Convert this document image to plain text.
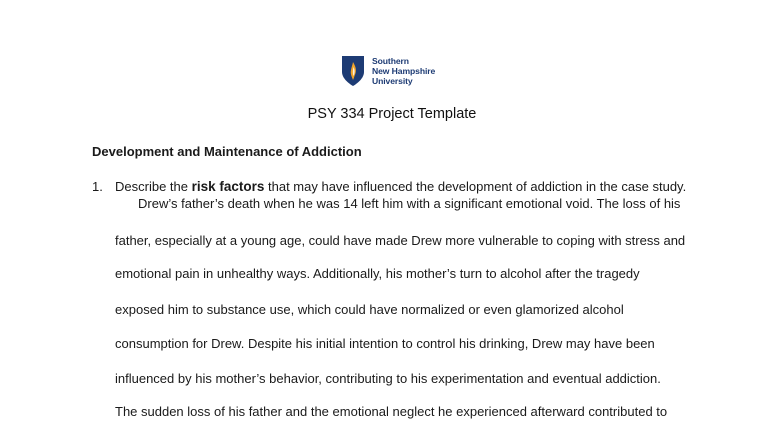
Southern
New Hampshire
University
PSY 334 Project Template
Development and Maintenance of Addiction
1. Describe the risk factors that may have influenced the development of addiction in the case study.
Drew’s father’s death when he was 14 left him with a significant emotional void. The loss of his
father, especially at a young age, could have made Drew more vulnerable to coping with stress and
emotional pain in unhealthy ways. Additionally, his mother’s turn to alcohol after the tragedy
exposed him to substance use, which could have normalized or even glamorized alcohol
consumption for Drew. Despite his initial intention to control his drinking, Drew may have been
influenced by his mother’s behavior, contributing to his experimentation and eventual addiction.
The sudden loss of his father and the emotional neglect he experienced afterward contributed to
